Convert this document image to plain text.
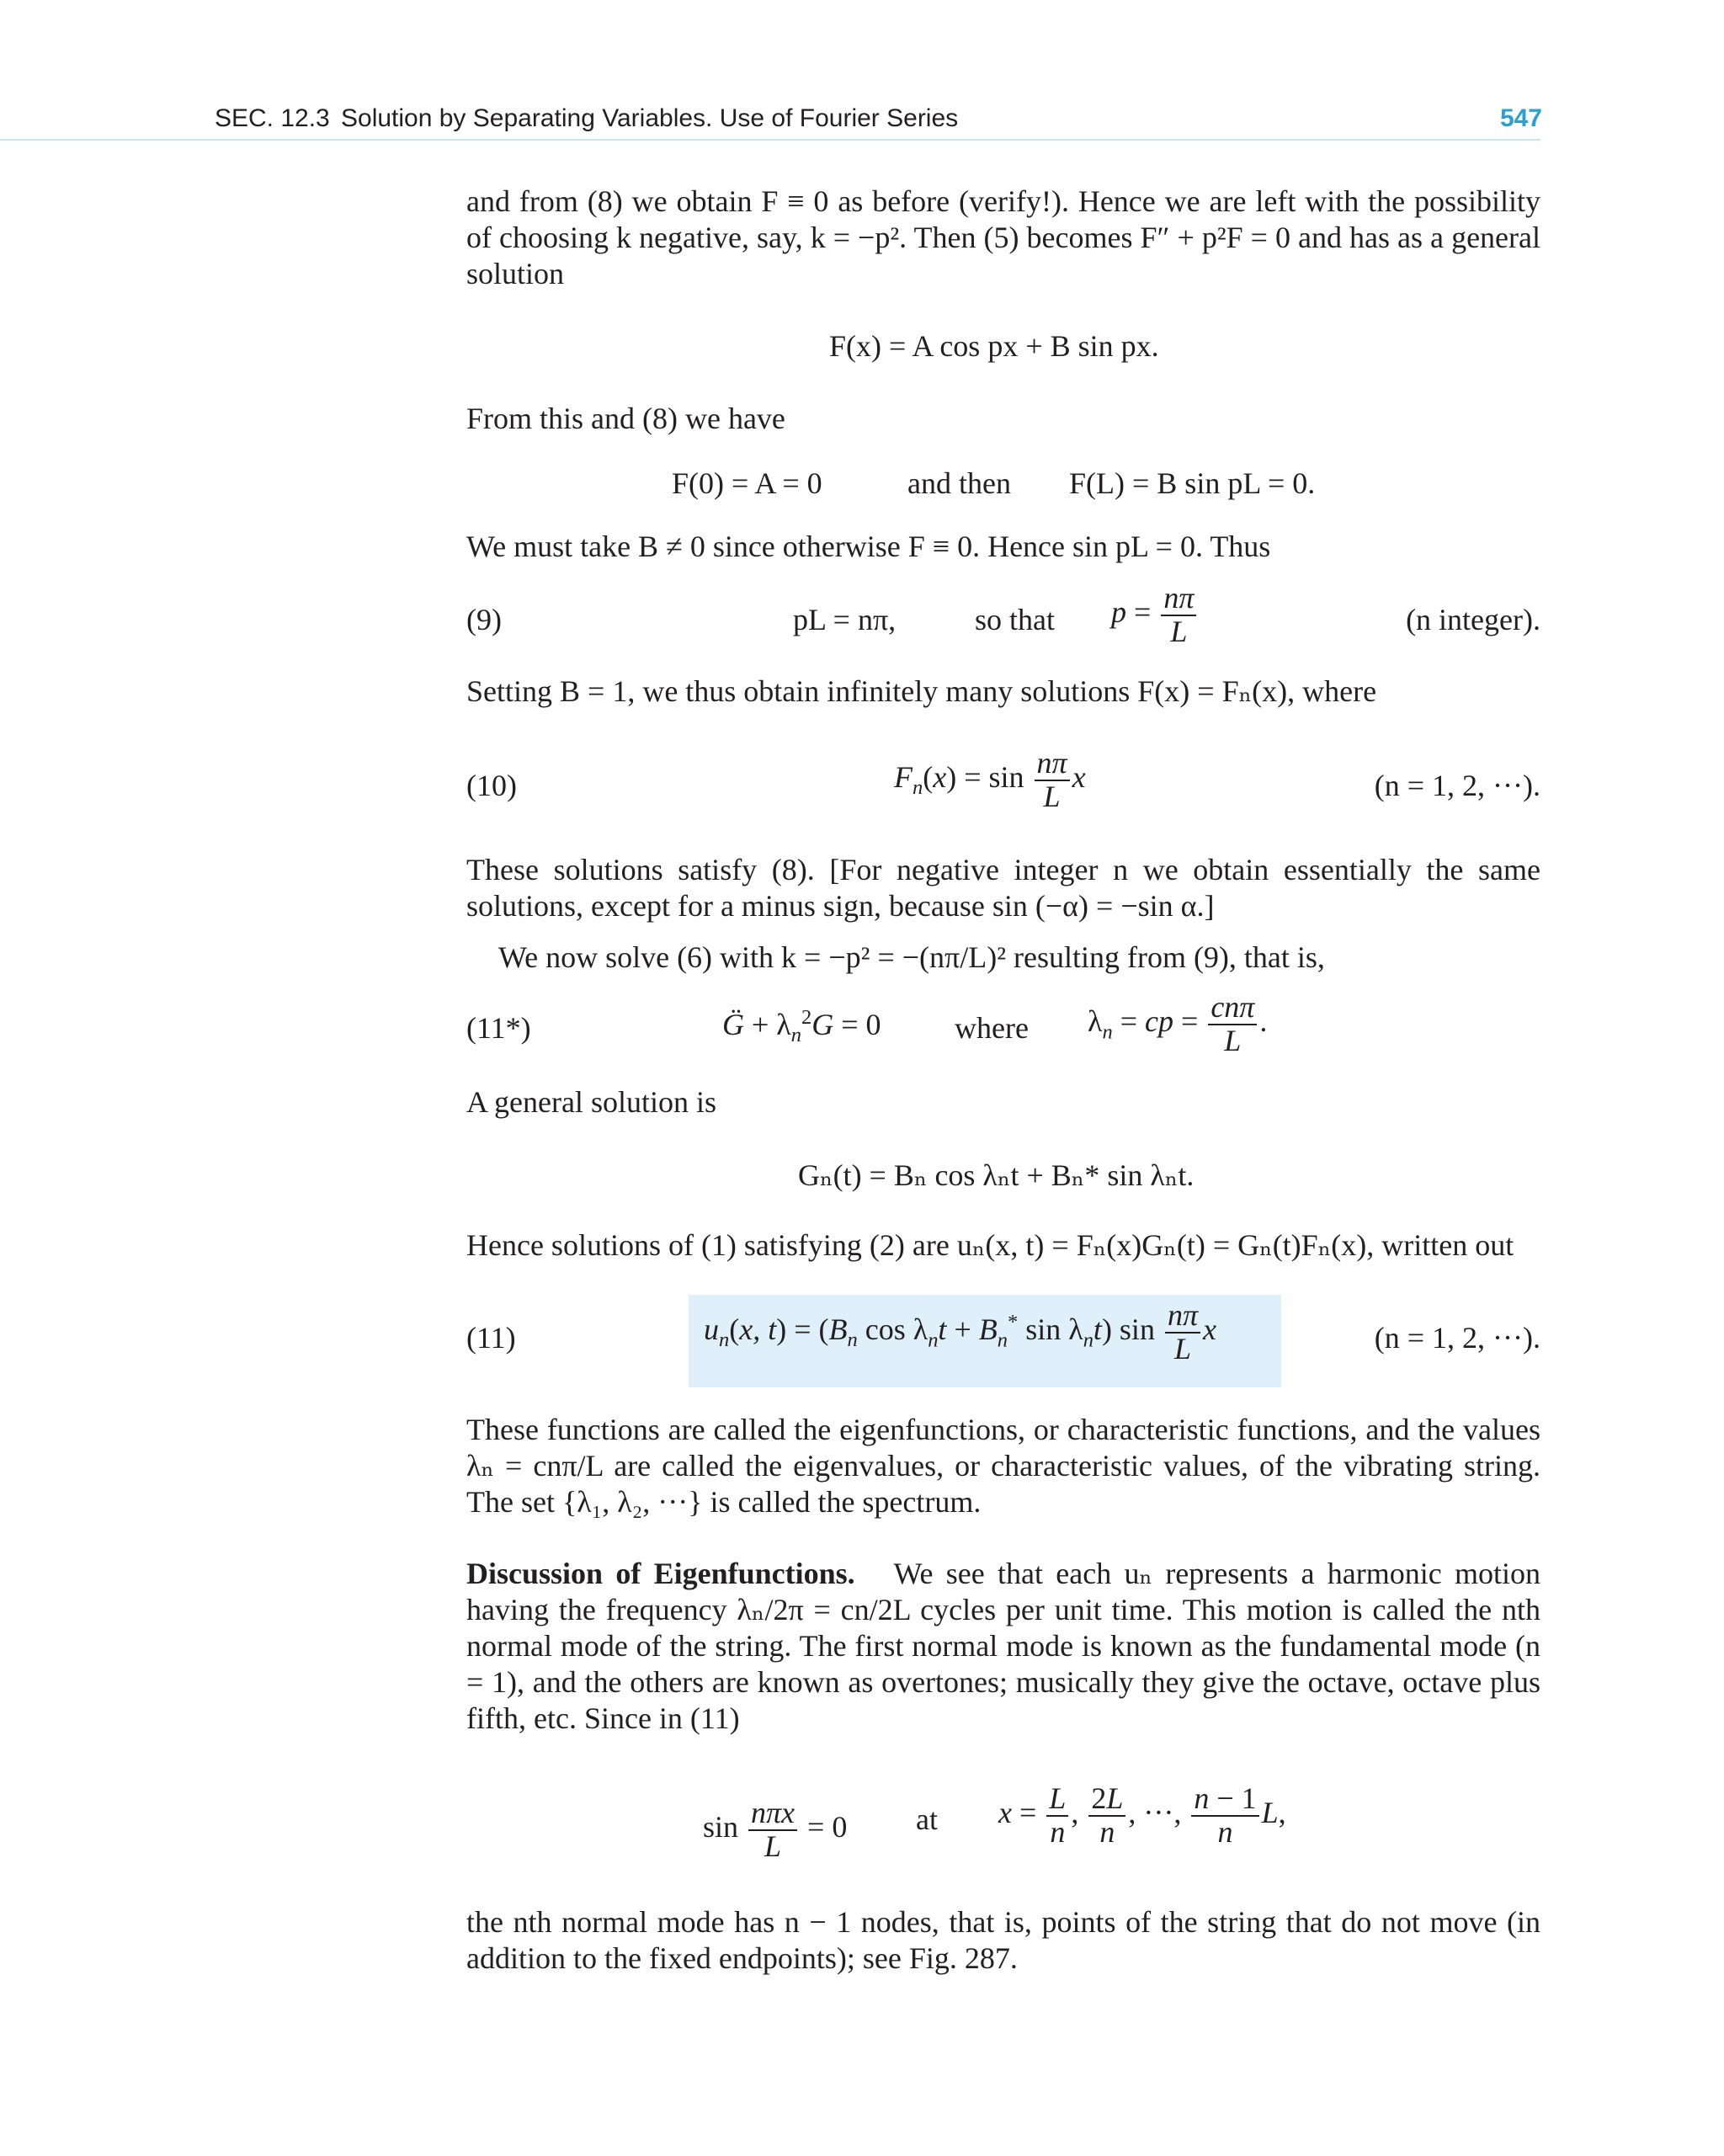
SEC. 12.3 Solution by Separating Variables. Use of Fourier Series	547
and from (8) we obtain F ≡ 0 as before (verify!). Hence we are left with the possibility of choosing k negative, say, k = −p². Then (5) becomes F″ + p²F = 0 and has as a general solution
F(x) = A cos px + B sin px.
From this and (8) we have
F(0) = A = 0	and then F(L) = B sin pL = 0.
We must take B ≠ 0 since otherwise F ≡ 0. Hence sin pL = 0. Thus
(9)	pL = nπ,	so that $p = \frac{n\pi}{L}$	(n integer).
Setting B = 1, we thus obtain infinitely many solutions F(x) = Fₙ(x), where
(10)	$F_n(x) = \sin \frac{n\pi}{L}$ x	(n = 1, 2, ···).
These solutions satisfy (8). [For negative integer n we obtain essentially the same solutions, except for a minus sign, because sin (−α) = −sin α.]
We now solve (6) with k = −p² = −(nπ/L)² resulting from (9), that is,
(11*)	G̈ + $\lambda_n^2G = 0$ where $\lambda_n$ = cp = $\frac{\text{cnπ}}{L}$ .
A general solution is
Gₙ(t) = Bₙ cos λₙt + Bₙ* sin λₙt.
Hence solutions of (1) satisfying (2) are uₙ(x, t) = Fₙ(x)Gₙ(t) = Gₙ(t)Fₙ(x), written out
(11)	$u_n(x$, $t) = (B_n$ $\cos \lambda_nt + B_n^*$ $\sin \lambda_nt$) $\sin \frac{n\pi}{L}$ x	(n = 1, 2, ···).
These functions are called the eigenfunctions, or characteristic functions, and the values λₙ = cnπ/L are called the eigenvalues, or characteristic values, of the vibrating string. The set {λ₁, λ₂, ···} is called the spectrum.
Discussion of Eigenfunctions. We see that each uₙ represents a harmonic motion having the frequency λₙ/2π = cn/2L cycles per unit time. This motion is called the nth normal mode of the string. The first normal mode is known as the fundamental mode (n = 1), and the others are known as overtones; musically they give the octave, octave plus fifth, etc. Since in (11)
$\sin \frac{\text{nπx}}{L} = 0$ at $x = \frac{L}{n}$ , $\frac{2L}{n}$ , ···, $\frac{n - 1}{n} L$,
the nth normal mode has n − 1 nodes, that is, points of the string that do not move (in addition to the fixed endpoints); see Fig. 287.
